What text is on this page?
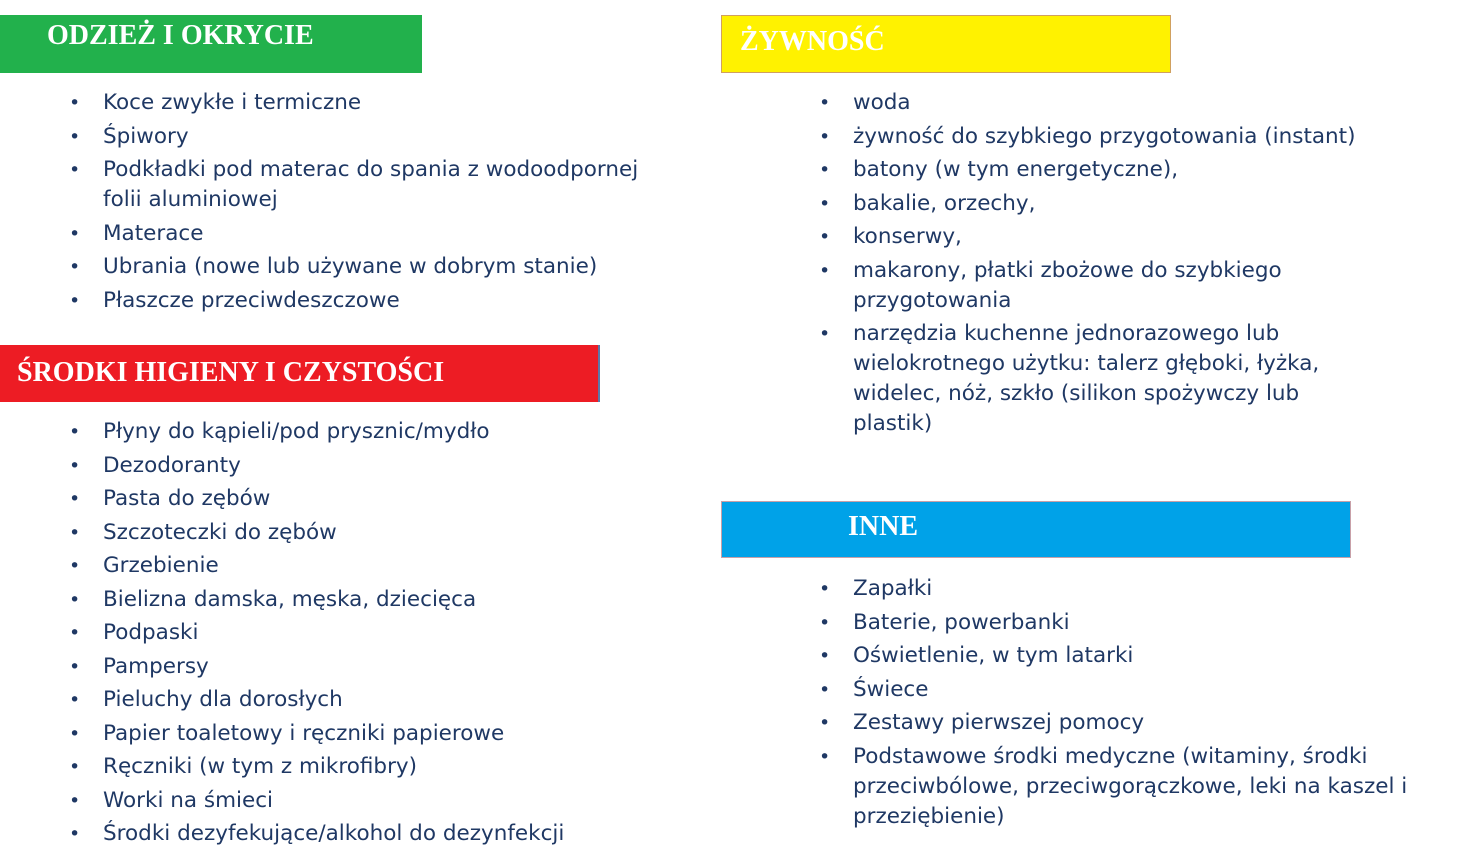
ODZIEŻ I OKRYCIE
• Koce zwykłe i termiczne
• Śpiwory
• Podkładki pod materac do spania z wodoodpornej folii aluminiowej
• Materace
• Ubrania (nowe lub używane w dobrym stanie)
• Płaszcze przeciwdeszczowe
ŚRODKI HIGIENY I CZYSTOŚCI
• Płyny do kąpieli/pod prysznic/mydło
• Dezodoranty
• Pasta do zębów
• Szczoteczki do zębów
• Grzebienie
• Bielizna damska, męska, dziecięca
• Podpaski
• Pampersy
• Pieluchy dla dorosłych
• Papier toaletowy i ręczniki papierowe
• Ręczniki (w tym z mikrofibry)
• Worki na śmieci
• Środki dezyfekujące/alkohol do dezynfekcji
ŻYWNOŚĆ
• woda
• żywność do szybkiego przygotowania (instant)
• batony (w tym energetyczne),
• bakalie, orzechy,
• konserwy,
• makarony, płatki zbożowe do szybkiego przygotowania
• narzędzia kuchenne jednorazowego lub wielokrotnego użytku: talerz głęboki, łyżka, widelec, nóż, szkło (silikon spożywczy lub plastik)
INNE
• Zapałki
• Baterie, powerbanki
• Oświetlenie, w tym latarki
• Świece
• Zestawy pierwszej pomocy
• Podstawowe środki medyczne (witaminy, środki przeciwbólowe, przeciwgorączkowe, leki na kaszel i przeziębienie)
